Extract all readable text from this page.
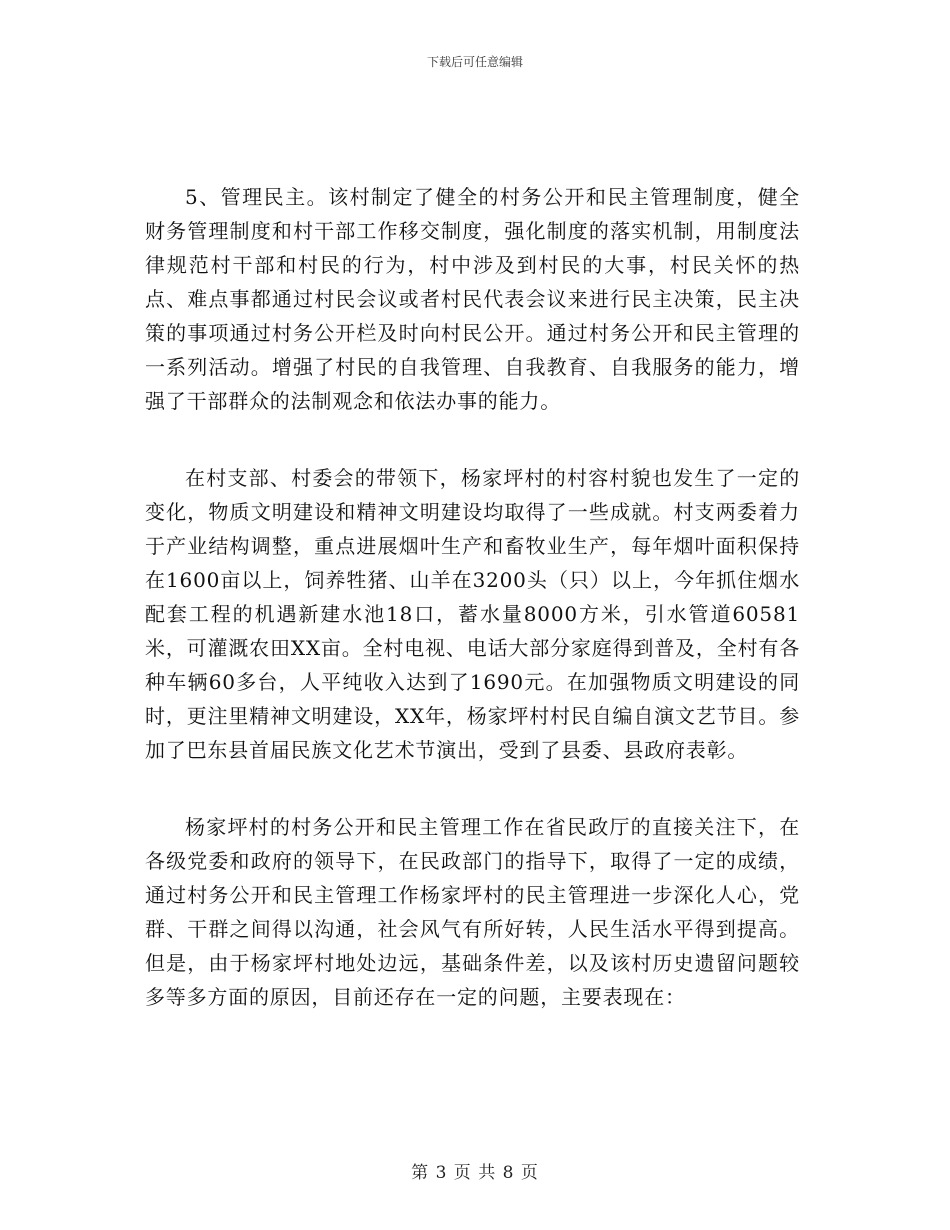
下载后可任意编辑

5、管理民主。该村制定了健全的村务公开和民主管理制度，健全财务管理制度和村干部工作移交制度，强化制度的落实机制，用制度法律规范村干部和村民的行为，村中涉及到村民的大事，村民关怀的热点、难点事都通过村民会议或者村民代表会议来进行民主决策，民主决策的事项通过村务公开栏及时向村民公开。通过村务公开和民主管理的一系列活动。增强了村民的自我管理、自我教育、自我服务的能力，增强了干部群众的法制观念和依法办事的能力。

在村支部、村委会的带领下，杨家坪村的村容村貌也发生了一定的变化，物质文明建设和精神文明建设均取得了一些成就。村支两委着力于产业结构调整，重点进展烟叶生产和畜牧业生产，每年烟叶面积保持在1600亩以上，饲养牲猪、山羊在3200头（只）以上，今年抓住烟水配套工程的机遇新建水池18口，蓄水量8000方米，引水管道60581米，可灌溉农田XX亩。全村电视、电话大部分家庭得到普及，全村有各种车辆60多台，人平纯收入达到了1690元。在加强物质文明建设的同时，更注里精神文明建设，XX年，杨家坪村村民自编自演文艺节目。参加了巴东县首届民族文化艺术节演出，受到了县委、县政府表彰。

杨家坪村的村务公开和民主管理工作在省民政厅的直接关注下，在各级党委和政府的领导下，在民政部门的指导下，取得了一定的成绩，通过村务公开和民主管理工作杨家坪村的民主管理进一步深化人心，党群、干群之间得以沟通，社会风气有所好转，人民生活水平得到提高。但是，由于杨家坪村地处边远，基础条件差，以及该村历史遗留问题较多等多方面的原因，目前还存在一定的问题，主要表现在：

第 3 页 共 8 页
